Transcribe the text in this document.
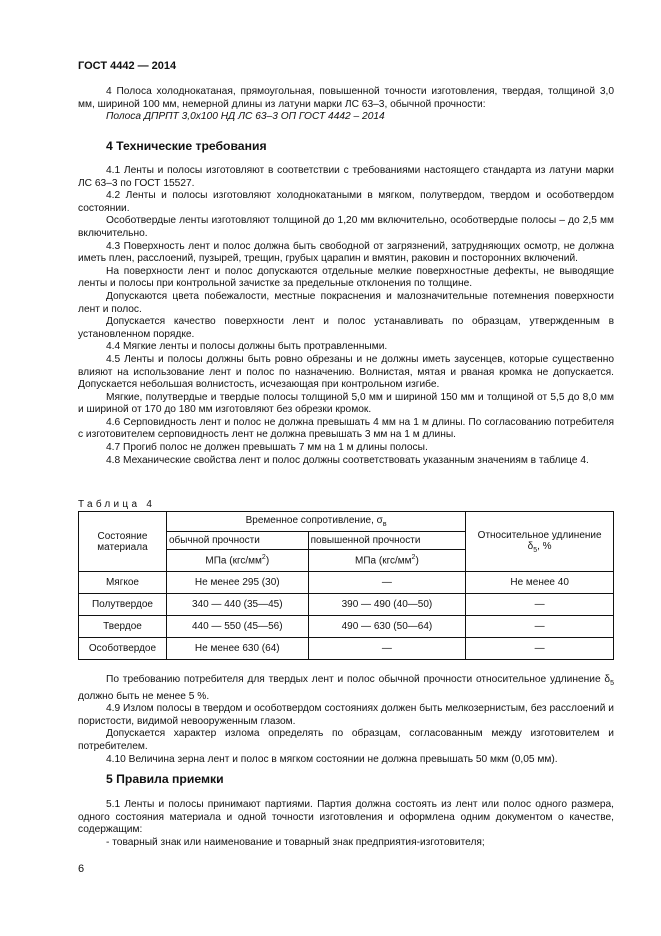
ГОСТ 4442 — 2014

4 Полоса холоднокатаная, прямоугольная, повышенной точности изготовления, твердая, толщиной 3,0 мм, шириной 100 мм, немерной длины из латуни марки ЛС 63–3, обычной прочности:

Полоса ДПРПТ 3,0х100 НД ЛС 63–3 ОП ГОСТ 4442 – 2014

4 Технические требования

4.1 Ленты и полосы изготовляют в соответствии с требованиями настоящего стандарта из латуни марки ЛС 63–3 по ГОСТ 15527.

4.2 Ленты и полосы изготовляют холоднокатаными в мягком, полутвердом, твердом и особотвердом состоянии.

Особотвердые ленты изготовляют толщиной до 1,20 мм включительно, особотвердые полосы – до 2,5 мм включительно.

4.3 Поверхность лент и полос должна быть свободной от загрязнений, затрудняющих осмотр, не должна иметь плен, расслоений, пузырей, трещин, грубых царапин и вмятин, раковин и посторонних включений.

На поверхности лент и полос допускаются отдельные мелкие поверхностные дефекты, не выводящие ленты и полосы при контрольной зачистке за предельные отклонения по толщине.

Допускаются цвета побежалости, местные покраснения и малозначительные потемнения поверхности лент и полос.

Допускается качество поверхности лент и полос устанавливать по образцам, утвержденным в установленном порядке.

4.4 Мягкие ленты и полосы должны быть протравленными.

4.5 Ленты и полосы должны быть ровно обрезаны и не должны иметь заусенцев, которые существенно влияют на использование лент и полос по назначению. Волнистая, мятая и рваная кромка не допускается. Допускается небольшая волнистость, исчезающая при контрольном изгибе.

Мягкие, полутвердые и твердые полосы толщиной 5,0 мм и шириной 150 мм и толщиной от 5,5 до 8,0 мм и шириной от 170 до 180 мм изготовляют без обрезки кромок.

4.6 Серповидность лент и полос не должна превышать 4 мм на 1 м длины. По согласованию потребителя с изготовителем серповидность лент не должна превышать 3 мм на 1 м длины.

4.7 Прогиб полос не должен превышать 7 мм на 1 м длины полосы.

4.8 Механические свойства лент и полос должны соответствовать указанным значениям в таблице 4.

Таблица 4
Состояние материала	Временное сопротивление, $\sigma_в$		Относительное удлинение
$\delta_5$, %
	обычной прочности	повышенной прочности	
	МПа $(кгс/мм^2)$	МПа $(кгс/мм^2)$	
Мягкое	Не менее 295 (30)	—	Не менее 40
Полутвердое	340 — 440 (35—45)	390 — 490 (40—50)	—
Твердое	440 — 550 (45—56)	490 — 630 (50—64)	—
Особотвердое	Не менее 630 (64)	—	—

По требованию потребителя для твердых лент и полос обычной прочности относительное удлинение $\delta_5$ должно быть не менее 5 %.

4.9 Излом полосы в твердом и особотвердом состояниях должен быть мелкозернистым, без расслоений и пористости, видимой невооруженным глазом.

Допускается характер излома определять по образцам, согласованным между изготовителем и потребителем.

4.10 Величина зерна лент и полос в мягком состоянии не должна превышать 50 мкм (0,05 мм).

5 Правила приемки

5.1 Ленты и полосы принимают партиями. Партия должна состоять из лент или полос одного размера, одного состояния материала и одной точности изготовления и оформлена одним документом о качестве, содержащим:

- товарный знак или наименование и товарный знак предприятия-изготовителя;

6
